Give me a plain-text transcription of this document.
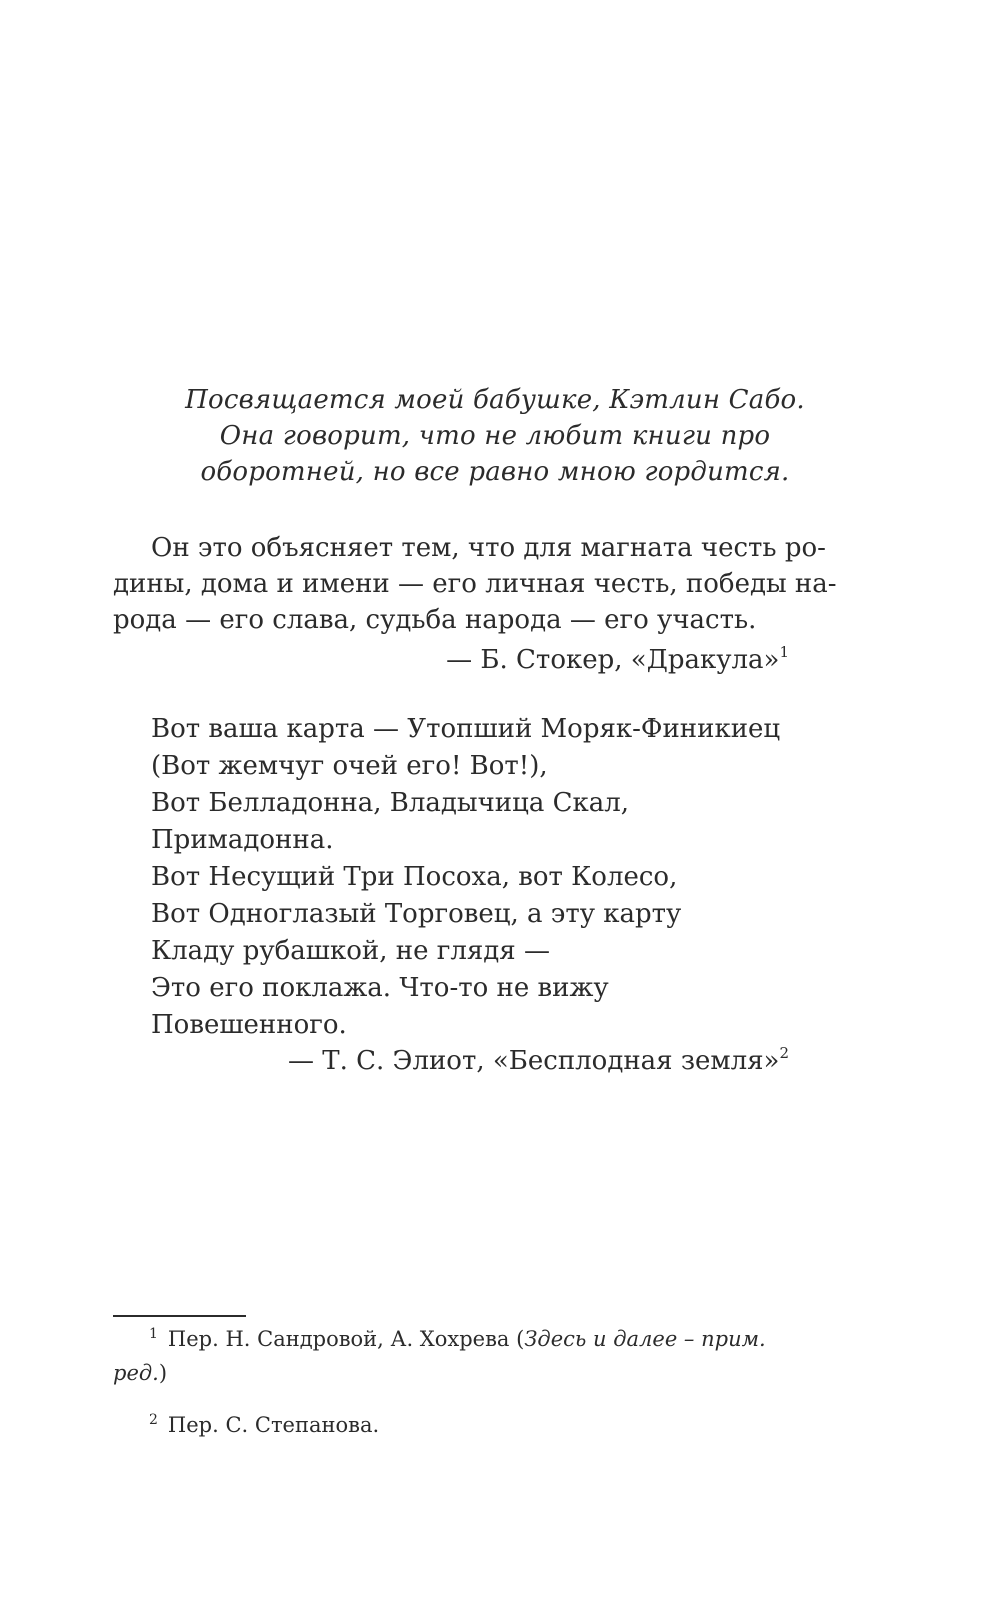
Посвящается моей бабушке, Кэтлин Сабо.
Она говорит, что не любит книги про
оборотней, но все равно мною гордится.
Он это объясняет тем, что для магната честь ро-
дины, дома и имени — его личная честь, победы на-
рода — его слава, судьба народа — его участь.
— Б. Стокер, «Дракула»$^1$
Вот ваша карта — Утопший Моряк-Финикиец
(Вот жемчуг очей его! Вот!),
Вот Белладонна, Владычица Скал,
Примадонна.
Вот Несущий Три Посоха, вот Колесо,
Вот Одноглазый Торговец, а эту карту
Кладу рубашкой, не глядя —
Это его поклажа. Что-то не вижу
Повешенного.
— Т. С. Элиот, «Бесплодная земля»$^2$
$^1$ Пер. Н. Сандровой, А. Хохрева (Здесь и далее – прим. ред.)
$^2$ Пер. С. Степанова.
